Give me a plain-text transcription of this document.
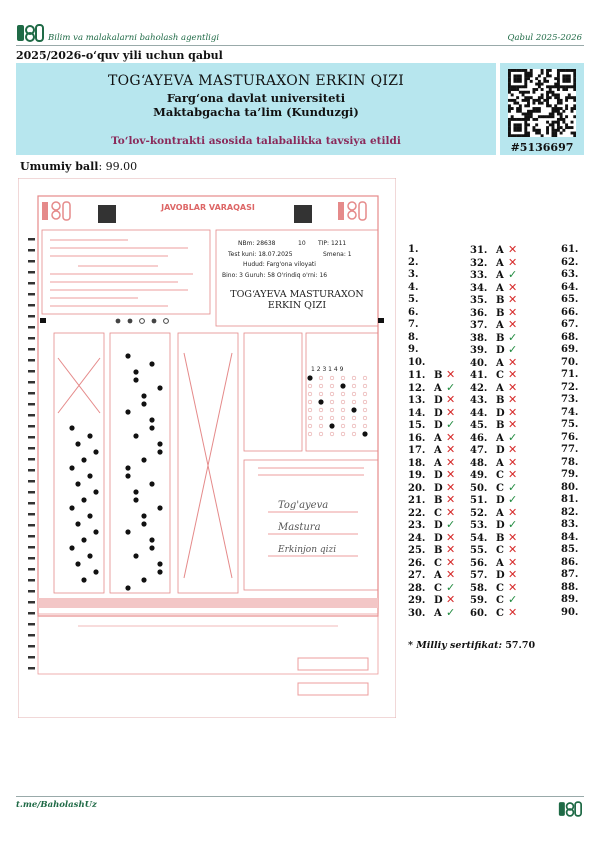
Bilim va malakalarni baholash agentligi	Qabul 2025-2026
2025/2026-o‘quv yili uchun qabul
TOG‘AYEVA MASTURAXON ERKIN QIZI
Farg‘ona davlat universiteti
Maktabgacha ta’lim (Kunduzgi)
To‘lov-kontrakti asosida talabalikka tavsiya etildi	#5136697
Umumiy ball: 99.00
JAVOBLAR VARAQASI
NBm: 28638	10 TIP: 1211
Test kuni: 18.07.2025	Smena: 1
Hudud: Farg'ona viloyati
Bino: 3 Guruh: 58 O'rindiq o'rni: 16
TOG‘AYEVA MASTURAXON
ERKIN QIZI
1 2 3 1 4 9
Tog'ayeva
Masturа
Erkinjon qizi
1.
2.
3.
4.
5.
6.
7.
8.
9.
10.
11. B ✕
12. A ✓
13. D ✕
14. D ✕
15. D ✓
16. A ✕
17. A ✕
18. A ✕
19. D ✕
20. D ✕
21. B ✕
22. C ✕
23. D ✓
24. D ✕
25. B ✕
26. C ✕
27. A ✕
28. C ✓
29. D ✕
30. A ✓
31. A ✕
32. A ✕
33. A ✓
34. A ✕
35. B ✕
36. B ✕
37. A ✕
38. B ✓
39. D ✓
40. A ✕
41. C ✕
42. A ✕
43. B ✕
44. D ✕
45. B ✕
46. A ✓
47. D ✕
48. A ✕
49. C ✕
50. C ✓
51. D ✓
52. A ✕
53. D ✓
54. B ✕
55. C ✕
56. A ✕
57. D ✕
58. C ✕
59. C ✓
60. C ✕
61.
62.
63.
64.
65.
66.
67.
68.
69.
70.
71.
72.
73.
74.
75.
76.
77.
78.
79.
80.
81.
82.
83.
84.
85.
86.
87.
88.
89.
90.
* Milliy sertifikat: 57.70
t.me/BaholashUz
